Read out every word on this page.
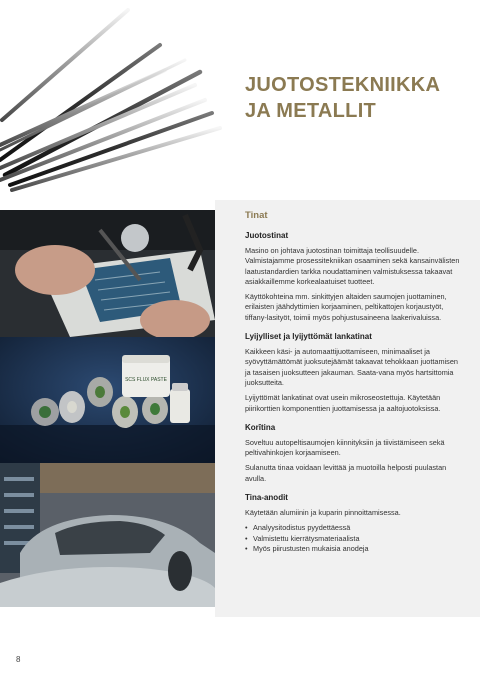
JUOTOSTEKNIIKKA
JA METALLIT
SCS FLUX PASTE
Tinat
Juotostinat

Masino on johtava juotostinan toimittaja teollisuudelle. Valmistajamme prosessitekniikan osaaminen sekä kansainvälisten laatustandardien tarkka noudattaminen valmistuksessa takaavat asiakkaillemme korkealaatuiset tuotteet.

Käyttökohteina mm. sinkittyjen altaiden saumojen juottaminen, erilaisten jäähdyttimien korjaaminen, peltikattojen korjaustyöt, tiffany-lasityöt, toimii myös pohjustusaineena laakerivaluissa.

Lyijylliset ja lyijyttömät lankatinat

Kaikkeen käsi- ja automaattijuottamiseen, minimaaliset ja syövyttämättömät juoksutejäämät takaavat tehokkaan juottamisen ja tasaisen juoksutteen jakauman. Saata-vana myös hartsittomia juoksutteita.

Lyijyttömät lankatinat ovat usein mikroseostettuja. Käytetään piirikorttien komponenttien juottamisessa ja aaltojuotoksissa.

Korītina

Soveltuu autopeltisaumojen kiinnityksiin ja tiivistämiseen sekä peltivahinkojen korjaamiseen.

Sulanutta tinaa voidaan levittää ja muotoilla helposti puulastan avulla.

Tina-anodit

Käytetään alumiinin ja kuparin pinnoittamisessa.

• Analyysitodistus pyydettäessä
• Valmistettu kierrätysmateriaalista
• Myös piirustusten mukaisia anodeja
8
